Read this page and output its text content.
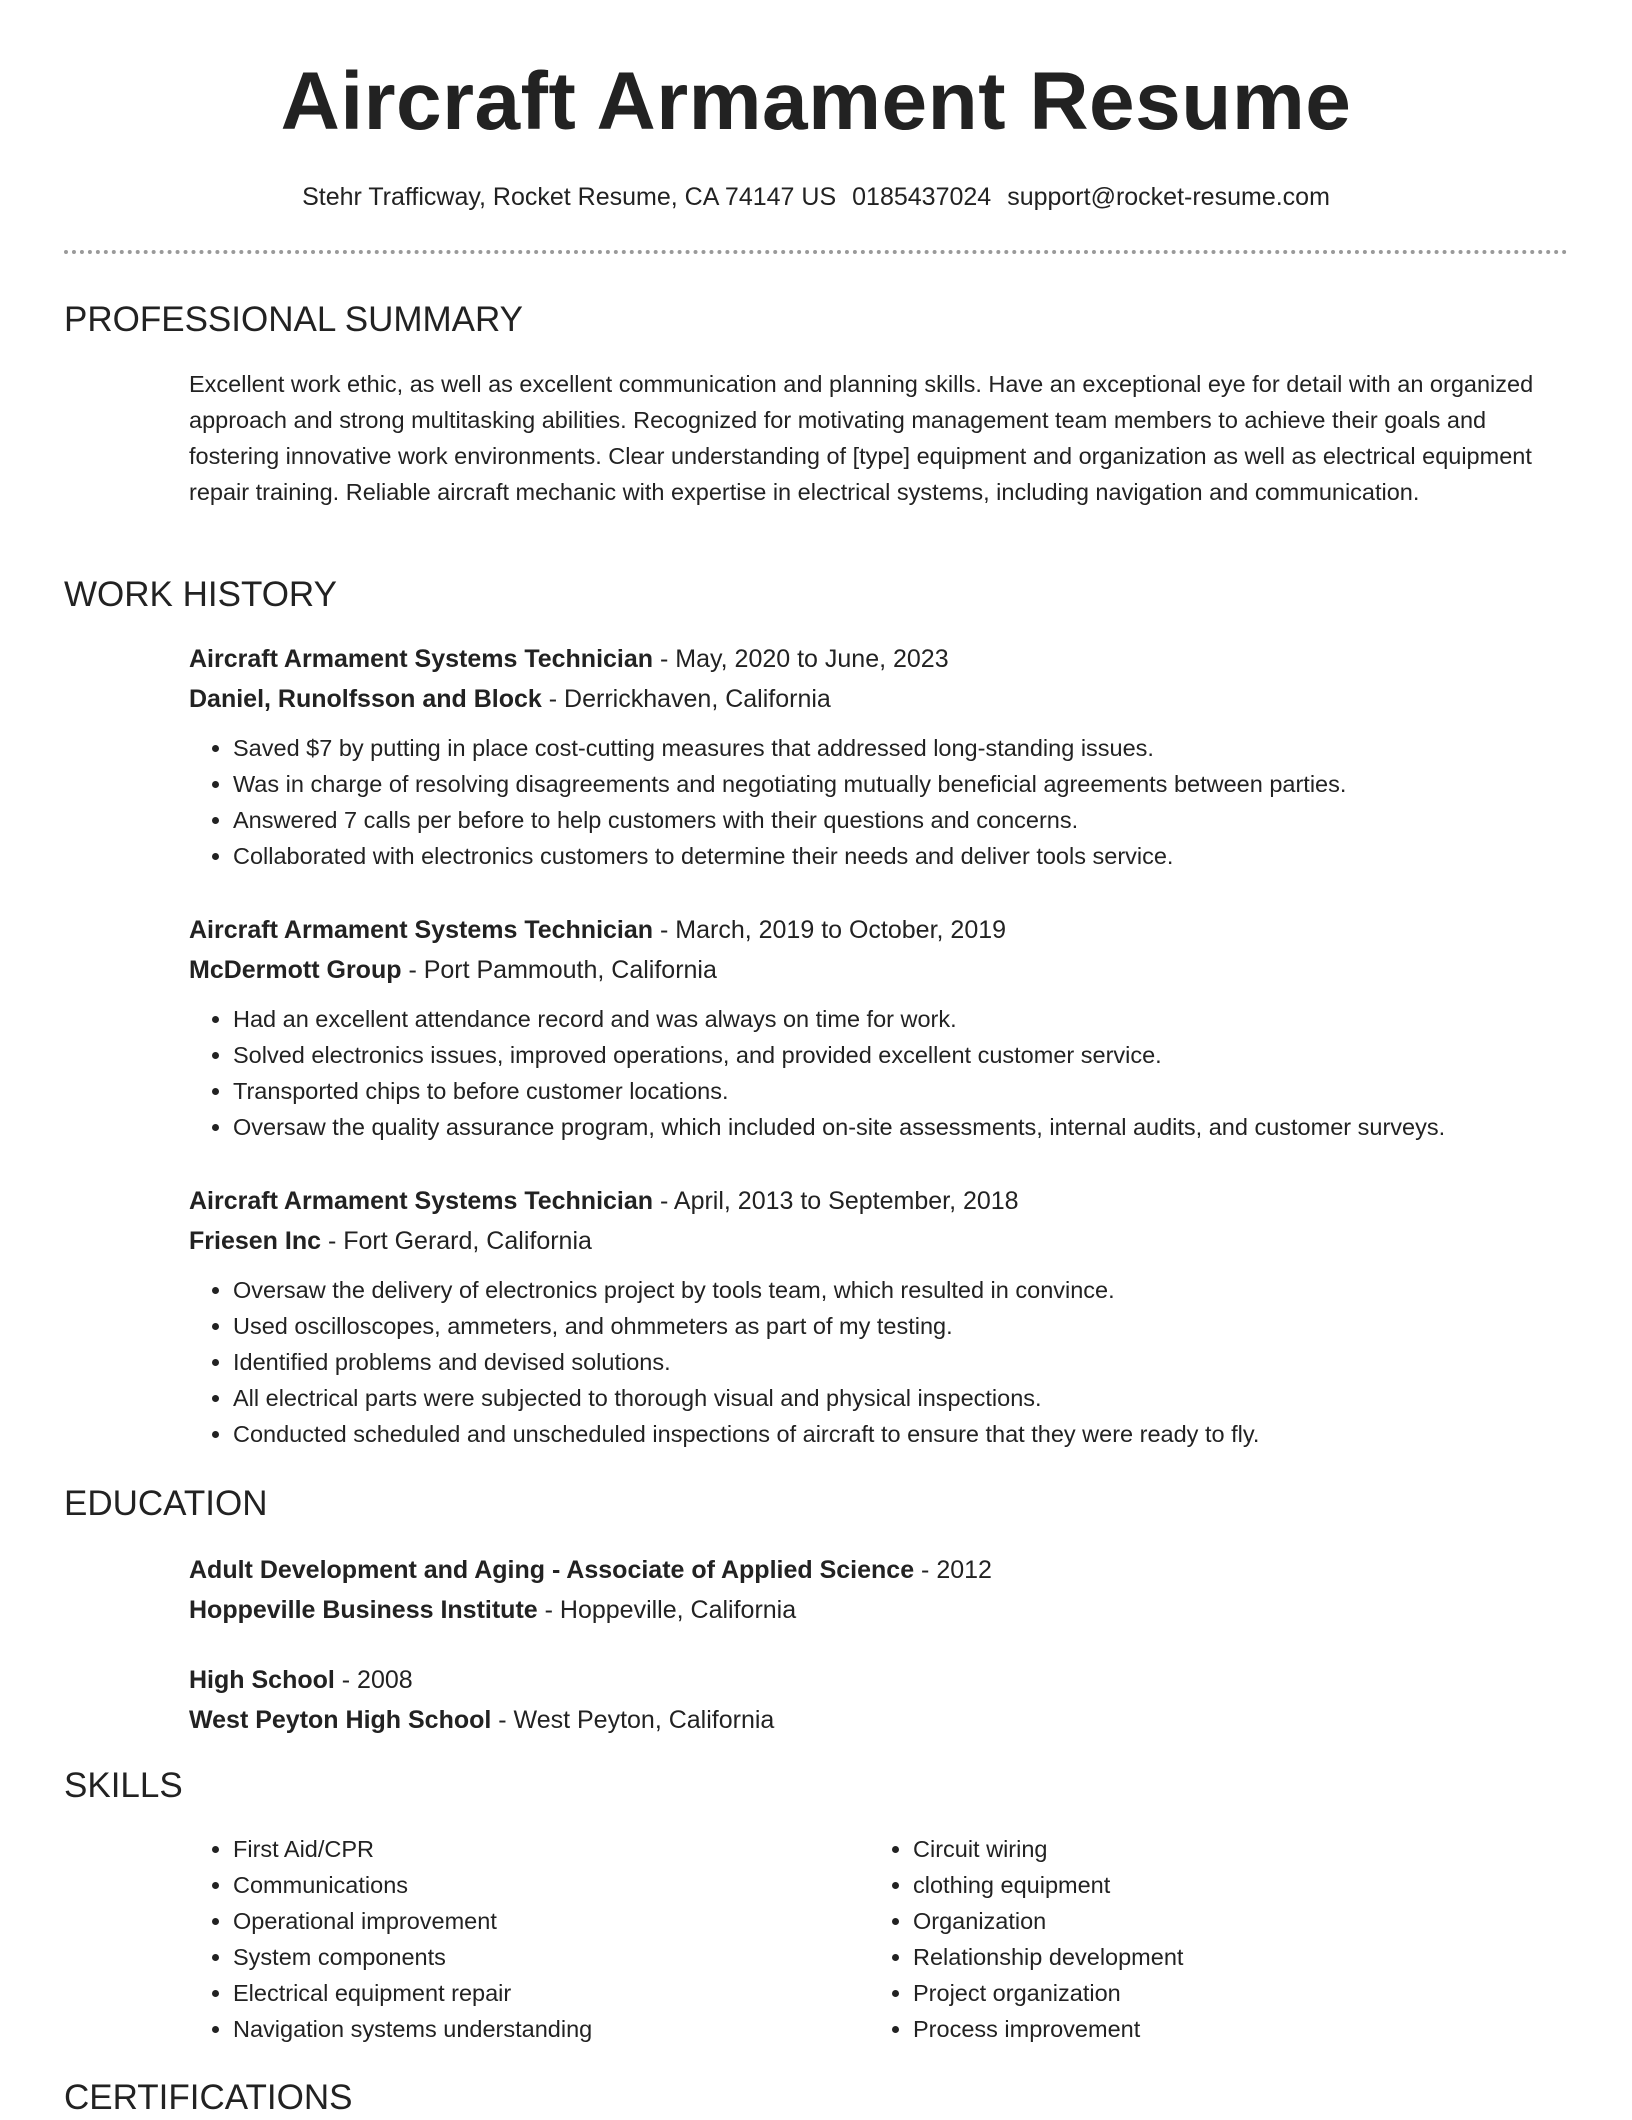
Aircraft Armament Resume
Stehr Trafficway, Rocket Resume, CA 74147 US 0185437024 support@rocket-resume.com
PROFESSIONAL SUMMARY
Excellent work ethic, as well as excellent communication and planning skills. Have an exceptional eye for detail with an organized approach and strong multitasking abilities. Recognized for motivating management team members to achieve their goals and fostering innovative work environments. Clear understanding of [type] equipment and organization as well as electrical equipment repair training. Reliable aircraft mechanic with expertise in electrical systems, including navigation and communication.
WORK HISTORY
Aircraft Armament Systems Technician - May, 2020 to June, 2023
Daniel, Runolfsson and Block - Derrickhaven, California
• Saved $7 by putting in place cost-cutting measures that addressed long-standing issues.
• Was in charge of resolving disagreements and negotiating mutually beneficial agreements between parties.
• Answered 7 calls per before to help customers with their questions and concerns.
• Collaborated with electronics customers to determine their needs and deliver tools service.
Aircraft Armament Systems Technician - March, 2019 to October, 2019
McDermott Group - Port Pammouth, California
• Had an excellent attendance record and was always on time for work.
• Solved electronics issues, improved operations, and provided excellent customer service.
• Transported chips to before customer locations.
• Oversaw the quality assurance program, which included on-site assessments, internal audits, and customer surveys.
Aircraft Armament Systems Technician - April, 2013 to September, 2018
Friesen Inc - Fort Gerard, California
• Oversaw the delivery of electronics project by tools team, which resulted in convince.
• Used oscilloscopes, ammeters, and ohmmeters as part of my testing.
• Identified problems and devised solutions.
• All electrical parts were subjected to thorough visual and physical inspections.
• Conducted scheduled and unscheduled inspections of aircraft to ensure that they were ready to fly.
EDUCATION
Adult Development and Aging - Associate of Applied Science - 2012
Hoppeville Business Institute - Hoppeville, California
High School - 2008
West Peyton High School - West Peyton, California
SKILLS
• First Aid/CPR
• Communications
• Operational improvement
• System components
• Electrical equipment repair
• Navigation systems understanding
• Circuit wiring
• clothing equipment
• Organization
• Relationship development
• Project organization
• Process improvement
CERTIFICATIONS
